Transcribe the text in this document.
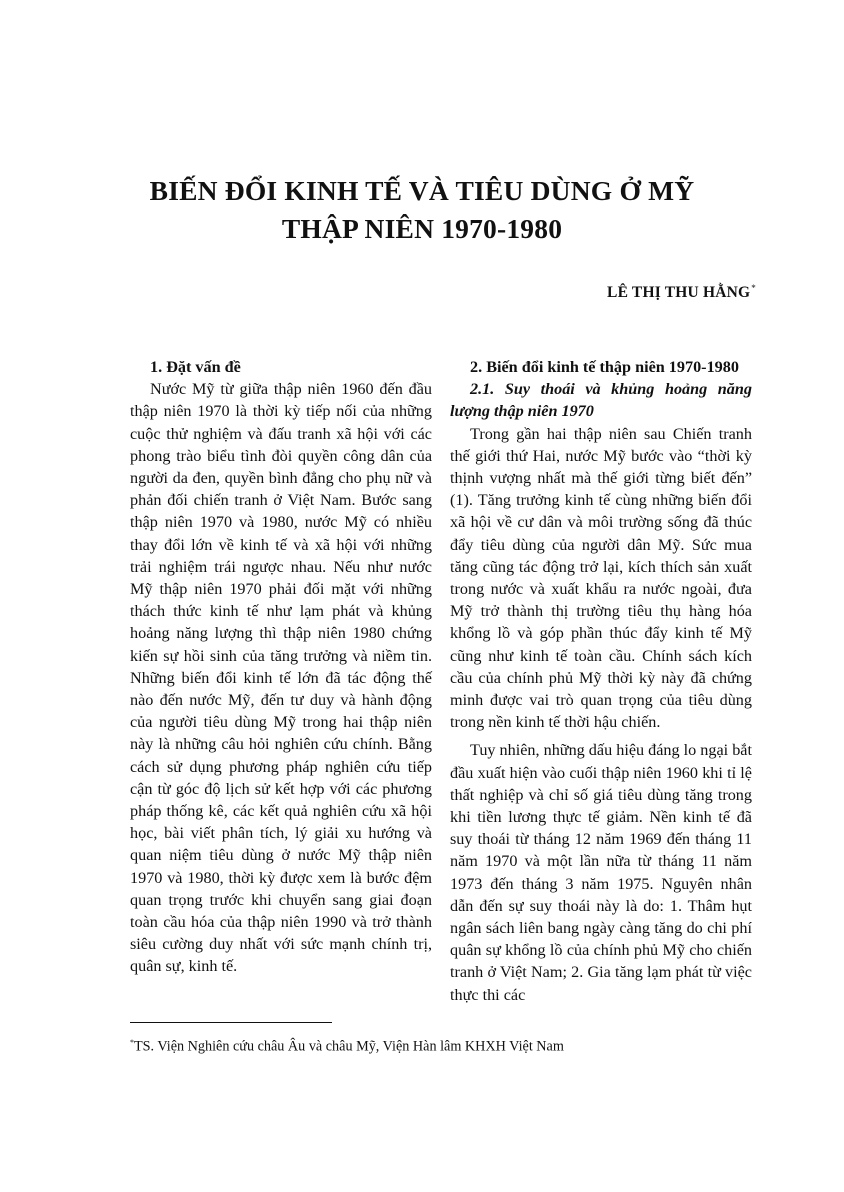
BIẾN ĐỔI KINH TẾ VÀ TIÊU DÙNG Ở MỸ
THẬP NIÊN 1970-1980
LÊ THỊ THU HẰNG*

1. Đặt vấn đề

Nước Mỹ từ giữa thập niên 1960 đến đầu thập niên 1970 là thời kỳ tiếp nối của những cuộc thử nghiệm và đấu tranh xã hội với các phong trào biểu tình đòi quyền công dân của người da đen, quyền bình đẳng cho phụ nữ và phản đối chiến tranh ở Việt Nam. Bước sang thập niên 1970 và 1980, nước Mỹ có nhiều thay đổi lớn về kinh tế và xã hội với những trải nghiệm trái ngược nhau. Nếu như nước Mỹ thập niên 1970 phải đối mặt với những thách thức kinh tế như lạm phát và khủng hoảng năng lượng thì thập niên 1980 chứng kiến sự hồi sinh của tăng trưởng và niềm tin. Những biến đổi kinh tế lớn đã tác động thế nào đến nước Mỹ, đến tư duy và hành động của người tiêu dùng Mỹ trong hai thập niên này là những câu hỏi nghiên cứu chính. Bằng cách sử dụng phương pháp nghiên cứu tiếp cận từ góc độ lịch sử kết hợp với các phương pháp thống kê, các kết quả nghiên cứu xã hội học, bài viết phân tích, lý giải xu hướng và quan niệm tiêu dùng ở nước Mỹ thập niên 1970 và 1980, thời kỳ được xem là bước đệm quan trọng trước khi chuyển sang giai đoạn toàn cầu hóa của thập niên 1990 và trở thành siêu cường duy nhất với sức mạnh chính trị, quân sự, kinh tế.

2. Biến đổi kinh tế thập niên 1970-1980

2.1. Suy thoái và khủng hoảng năng lượng thập niên 1970

Trong gần hai thập niên sau Chiến tranh thế giới thứ Hai, nước Mỹ bước vào “thời kỳ thịnh vượng nhất mà thế giới từng biết đến” (1). Tăng trưởng kinh tế cùng những biến đổi xã hội về cư dân và môi trường sống đã thúc đẩy tiêu dùng của người dân Mỹ. Sức mua tăng cũng tác động trở lại, kích thích sản xuất trong nước và xuất khẩu ra nước ngoài, đưa Mỹ trở thành thị trường tiêu thụ hàng hóa khổng lồ và góp phần thúc đẩy kinh tế Mỹ cũng như kinh tế toàn cầu. Chính sách kích cầu của chính phủ Mỹ thời kỳ này đã chứng minh được vai trò quan trọng của tiêu dùng trong nền kinh tế thời hậu chiến.

Tuy nhiên, những dấu hiệu đáng lo ngại bắt đầu xuất hiện vào cuối thập niên 1960 khi tỉ lệ thất nghiệp và chỉ số giá tiêu dùng tăng trong khi tiền lương thực tế giảm. Nền kinh tế đã suy thoái từ tháng 12 năm 1969 đến tháng 11 năm 1970 và một lần nữa từ tháng 11 năm 1973 đến tháng 3 năm 1975. Nguyên nhân dẫn đến sự suy thoái này là do: 1. Thâm hụt ngân sách liên bang ngày càng tăng do chi phí quân sự khổng lồ của chính phủ Mỹ cho chiến tranh ở Việt Nam; 2. Gia tăng lạm phát từ việc thực thi các

*TS. Viện Nghiên cứu châu Âu và châu Mỹ, Viện Hàn lâm KHXH Việt Nam
